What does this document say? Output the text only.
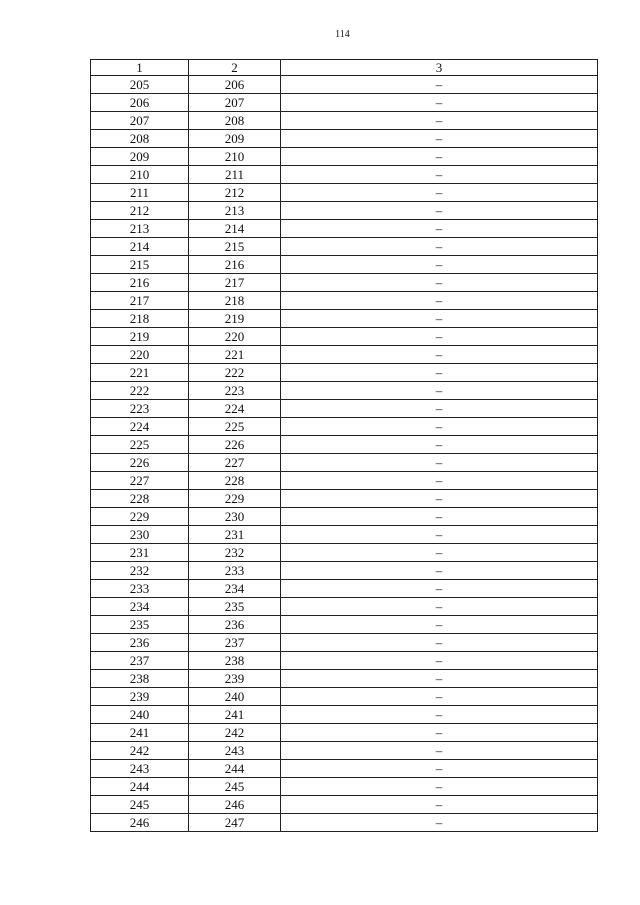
114
1	2	3
205	206	–
206	207	–
207	208	–
208	209	–
209	210	–
210	211	–
211	212	–
212	213	–
213	214	–
214	215	–
215	216	–
216	217	–
217	218	–
218	219	–
219	220	–
220	221	–
221	222	–
222	223	–
223	224	–
224	225	–
225	226	–
226	227	–
227	228	–
228	229	–
229	230	–
230	231	–
231	232	–
232	233	–
233	234	–
234	235	–
235	236	–
236	237	–
237	238	–
238	239	–
239	240	–
240	241	–
241	242	–
242	243	–
243	244	–
244	245	–
245	246	–
246	247	–
